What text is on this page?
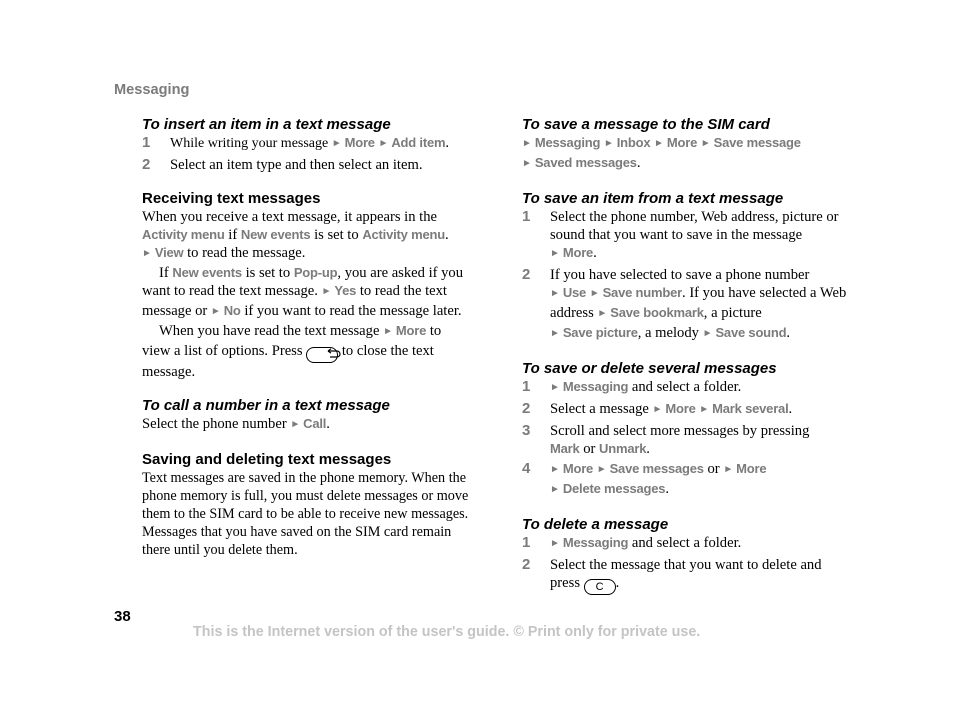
Messaging

To insert an item in a text message

1 While writing your message ►  More ►  Add item.
2 Select an item type and then select an item.

Receiving text messages

When you receive a text message, it appears in the Activity menu if New events is set to Activity menu.
►  View to read the message.

If New events is set to Pop-up, you are asked if you want to read the text message. ►  Yes to read the text message or ►  No if you want to read the message later.

When you have read the text message ►  More to view a list of options. Press  to close the text message.

To call a number in a text message

Select the phone number ►  Call.

Saving and deleting text messages

Text messages are saved in the phone memory. When the phone memory is full, you must delete messages or move them to the SIM card to be able to receive new messages. Messages that you have saved on the SIM card remain there until you delete them.

To save a message to the SIM card

►  Messaging ►  Inbox ►  More ►  Save message
►  Saved messages.

To save an item from a text message

1 Select the phone number, Web address, picture or sound that you want to save in the message
►  More.
2 If you have selected to save a phone number
►  Use ►  Save number. If you have selected a Web address ►  Save bookmark, a picture
►  Save picture, a melody ►  Save sound.

To save or delete several messages

1 ►  Messaging and select a folder.
2 Select a message ►  More ►  Mark several.
3 Scroll and select more messages by pressing
Mark or Unmark.
4 ►  More ►  Save messages or ►  More
►  Delete messages.

To delete a message

1 ►  Messaging and select a folder.
2 Select the message that you want to delete and press C .
38
This is the Internet version of the user's guide. © Print only for private use.
